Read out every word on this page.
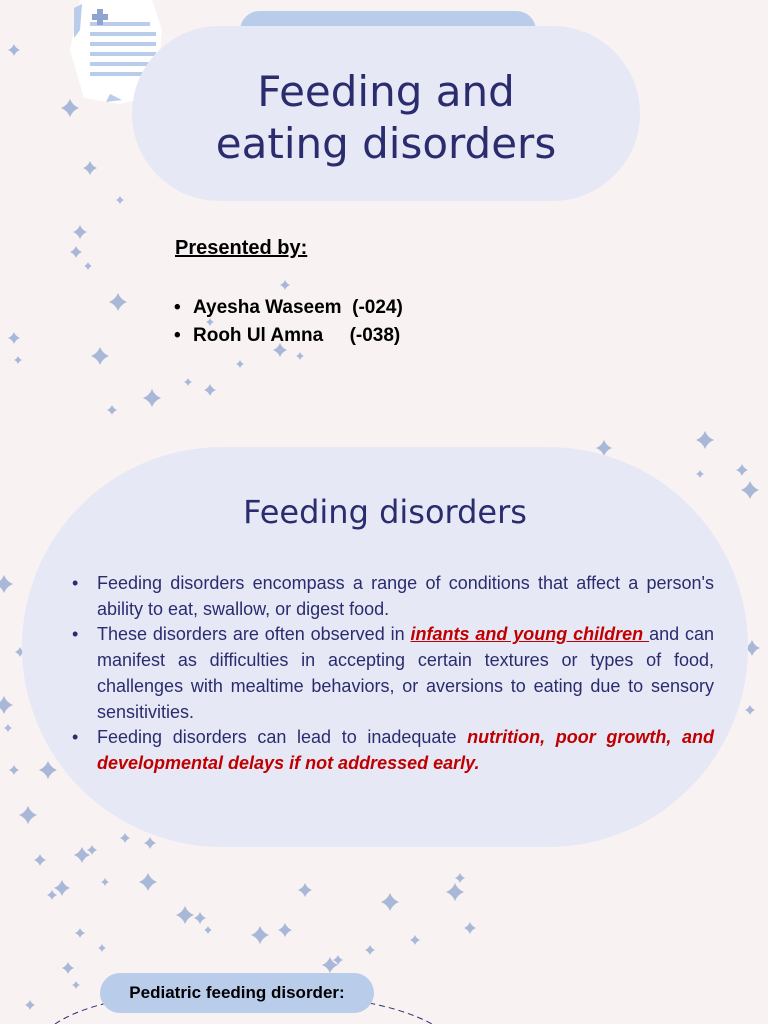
Feeding and
eating disorders

Presented by:

• Ayesha Waseem  (-024)
• Rooh Ul Amna     (-038)
Feeding disorders
• Feeding disorders encompass a range of conditions that affect a person's ability to eat, swallow, or digest food.
• These disorders are often observed in infants and young children and can manifest as difficulties in accepting certain textures or types of food, challenges with mealtime behaviors, or aversions to eating due to sensory sensitivities.
• Feeding disorders can lead to inadequate nutrition, poor growth, and developmental delays if not addressed early.
Pediatric feeding disorder:
